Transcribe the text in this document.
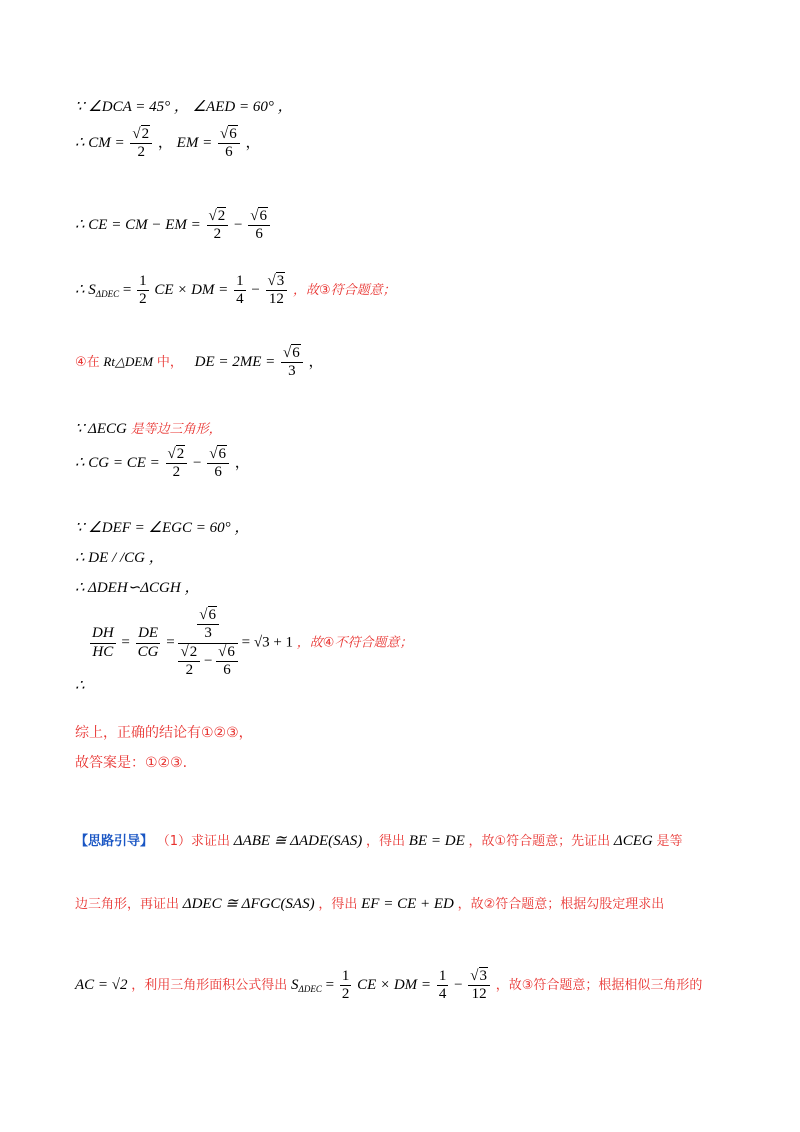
∵ ∠DCA = 45° ， ∠AED = 60° ，
∴ CM = $\frac{√2}{2}$ ， EM = $\frac{√6}{6}$ ，
∴ CE = CM − EM = $\frac{√2}{2} - \frac{√6}{6}$
∴ $S_{\Delta DEC} = \frac{1}{2}$ CE × DM = $\frac{1}{4} - \frac{√3}{12}$ ，故③符合题意；
④在 Rt△DEM 中， DE = $2ME = \frac{√6}{3}$ ，
∵ ΔECG 是等边三角形，
∴ CG = CE = $\frac{√2}{2} - \frac{√6}{6}$ ，
∵ ∠DEF = ∠EGC = 60° ，
∴ DE / /CG ，
∴ ΔDEH∽ΔCGH ，
$\frac{DH}{HC} = \frac{DE}{CG} = \frac{\frac{√6}{3}}{\frac{√2}{2} - \frac{√6}{6}} = √3 + 1$ ，故④不符合题意；
∴
综上，正确的结论有①②③，
故答案是：①②③.
【思路引导】 （1）求证出 ΔABE ≅ ΔADE(SAS) ，得出 BE = DE ，故①符合题意；先证出 ΔCEG 是等
边三角形，再证出 ΔDEC ≅ ΔFGC(SAS) ，得出 EF = CE + ED ，故②符合题意；根据勾股定理求出
AC = √2 ，利用三角形面积公式得出 $S_{\Delta DEC} = \frac{1}{2}$ CE × DM = $\frac{1}{4} - \frac{√3}{12}$ ，故③符合题意；根据相似三角形的
